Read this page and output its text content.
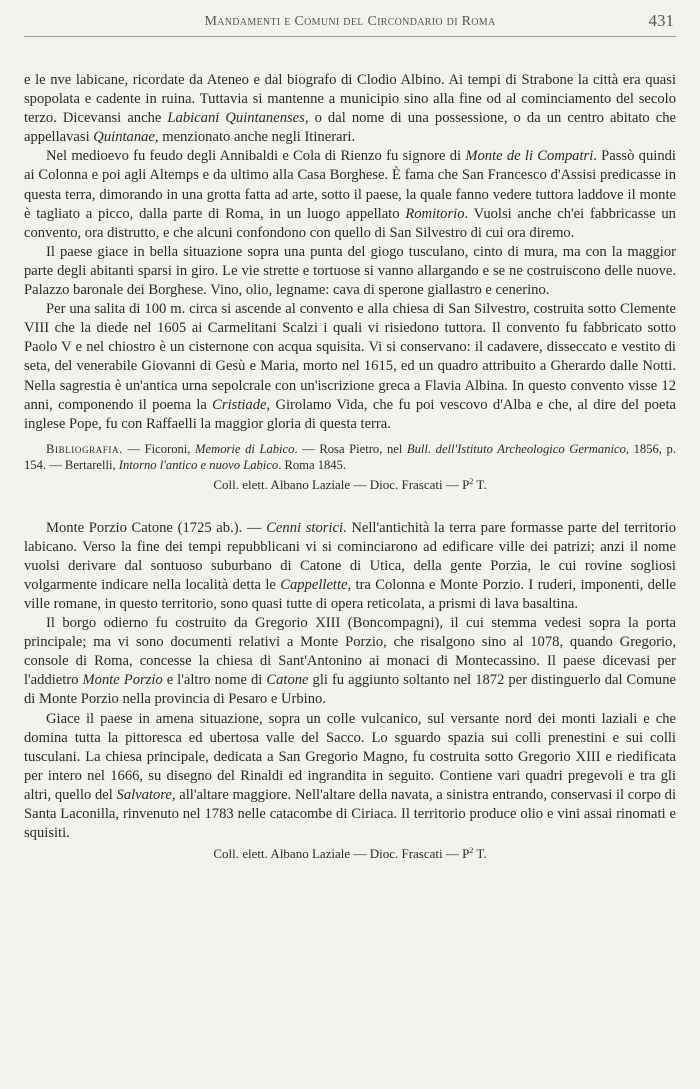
Mandamenti e Comuni del Circondario di Roma	431

e le nve labicane, ricordate da Ateneo e dal biografo di Clodio Albino. Ai tempi di Strabone la città era quasi spopolata e cadente in ruina. Tuttavia si mantenne a municipio sino alla fine od al cominciamento del secolo terzo. Dicevansi anche Labicani Quintanenses, o dal nome di una possessione, o da un centro abitato che appellavasi Quintanae, menzionato anche negli Itinerari.

Nel medioevo fu feudo degli Annibaldi e Cola di Rienzo fu signore di Monte de li Compatri. Passò quindi ai Colonna e poi agli Altemps e da ultimo alla Casa Borghese. È fama che San Francesco d'Assisi predicasse in questa terra, dimorando in una grotta fatta ad arte, sotto il paese, la quale fanno vedere tuttora laddove il monte è tagliato a picco, dalla parte di Roma, in un luogo appellato Romitorio. Vuolsi anche ch'ei fabbricasse un convento, ora distrutto, e che alcuni confondono con quello di San Silvestro di cui ora diremo.

Il paese giace in bella situazione sopra una punta del giogo tusculano, cinto di mura, ma con la maggior parte degli abitanti sparsi in giro. Le vie strette e tortuose si vanno allargando e se ne costruiscono delle nuove. Palazzo baronale dei Borghese. Vino, olio, legname: cava di sperone giallastro e cenerino.

Per una salita di 100 m. circa si ascende al convento e alla chiesa di San Silvestro, costruita sotto Clemente VIII che la diede nel 1605 ai Carmelitani Scalzi i quali vi risiedono tuttora. Il convento fu fabbricato sotto Paolo V e nel chiostro è un cisternone con acqua squisita. Vi si conservano: il cadavere, disseccato e vestito di seta, del venerabile Giovanni di Gesù e Maria, morto nel 1615, ed un quadro attribuito a Gherardo dalle Notti. Nella sagrestia è un'antica urna sepolcrale con un'iscrizione greca a Flavia Albina. In questo convento visse 12 anni, componendo il poema la Cristiade, Girolamo Vida, che fu poi vescovo d'Alba e che, al dire del poeta inglese Pope, fu con Raffaelli la maggior gloria di questa terra.

Bibliografia. — Ficoroni, Memorie di Labico. — Rosa Pietro, nel Bull. dell'Istituto Archeologico Germanico, 1856, p. 154. — Bertarelli, Intorno l'antico e nuovo Labico. Roma 1845.

Coll. elett. Albano Laziale — Dioc. Frascati — $P^2$ T.

Monte Porzio Catone (1725 ab.). — Cenni storici. Nell'antichità la terra pare formasse parte del territorio labicano. Verso la fine dei tempi repubblicani vi si cominciarono ad edificare ville dei patrizi; anzi il nome vuolsi derivare dal sontuoso suburbano di Catone di Utica, della gente Porzia, le cui rovine sogliosi volgarmente indicare nella località detta le Cappellette, tra Colonna e Monte Porzio. I ruderi, imponenti, delle ville romane, in questo territorio, sono quasi tutte di opera reticolata, a prismi di lava basaltina.

Il borgo odierno fu costruito da Gregorio XIII (Boncompagni), il cui stemma vedesi sopra la porta principale; ma vi sono documenti relativi a Monte Porzio, che risalgono sino al 1078, quando Gregorio, console di Roma, concesse la chiesa di Sant'Antonino ai monaci di Montecassino. Il paese dicevasi per l'addietro Monte Porzio e l'altro nome di Catone gli fu aggiunto soltanto nel 1872 per distinguerlo dal Comune di Monte Porzio nella provincia di Pesaro e Urbino.

Giace il paese in amena situazione, sopra un colle vulcanico, sul versante nord dei monti laziali e che domina tutta la pittoresca ed ubertosa valle del Sacco. Lo sguardo spazia sui colli prenestini e sui colli tusculani. La chiesa principale, dedicata a San Gregorio Magno, fu costruita sotto Gregorio XIII e riedificata per intero nel 1666, su disegno del Rinaldi ed ingrandita in seguito. Contiene vari quadri pregevoli e tra gli altri, quello del Salvatore, all'altare maggiore. Nell'altare della navata, a sinistra entrando, conservasi il corpo di Santa Laconilla, rinvenuto nel 1783 nelle catacombe di Ciriaca. Il territorio produce olio e vini assai rinomati e squisiti.

Coll. elett. Albano Laziale — Dioc. Frascati — $P^2$ T.
